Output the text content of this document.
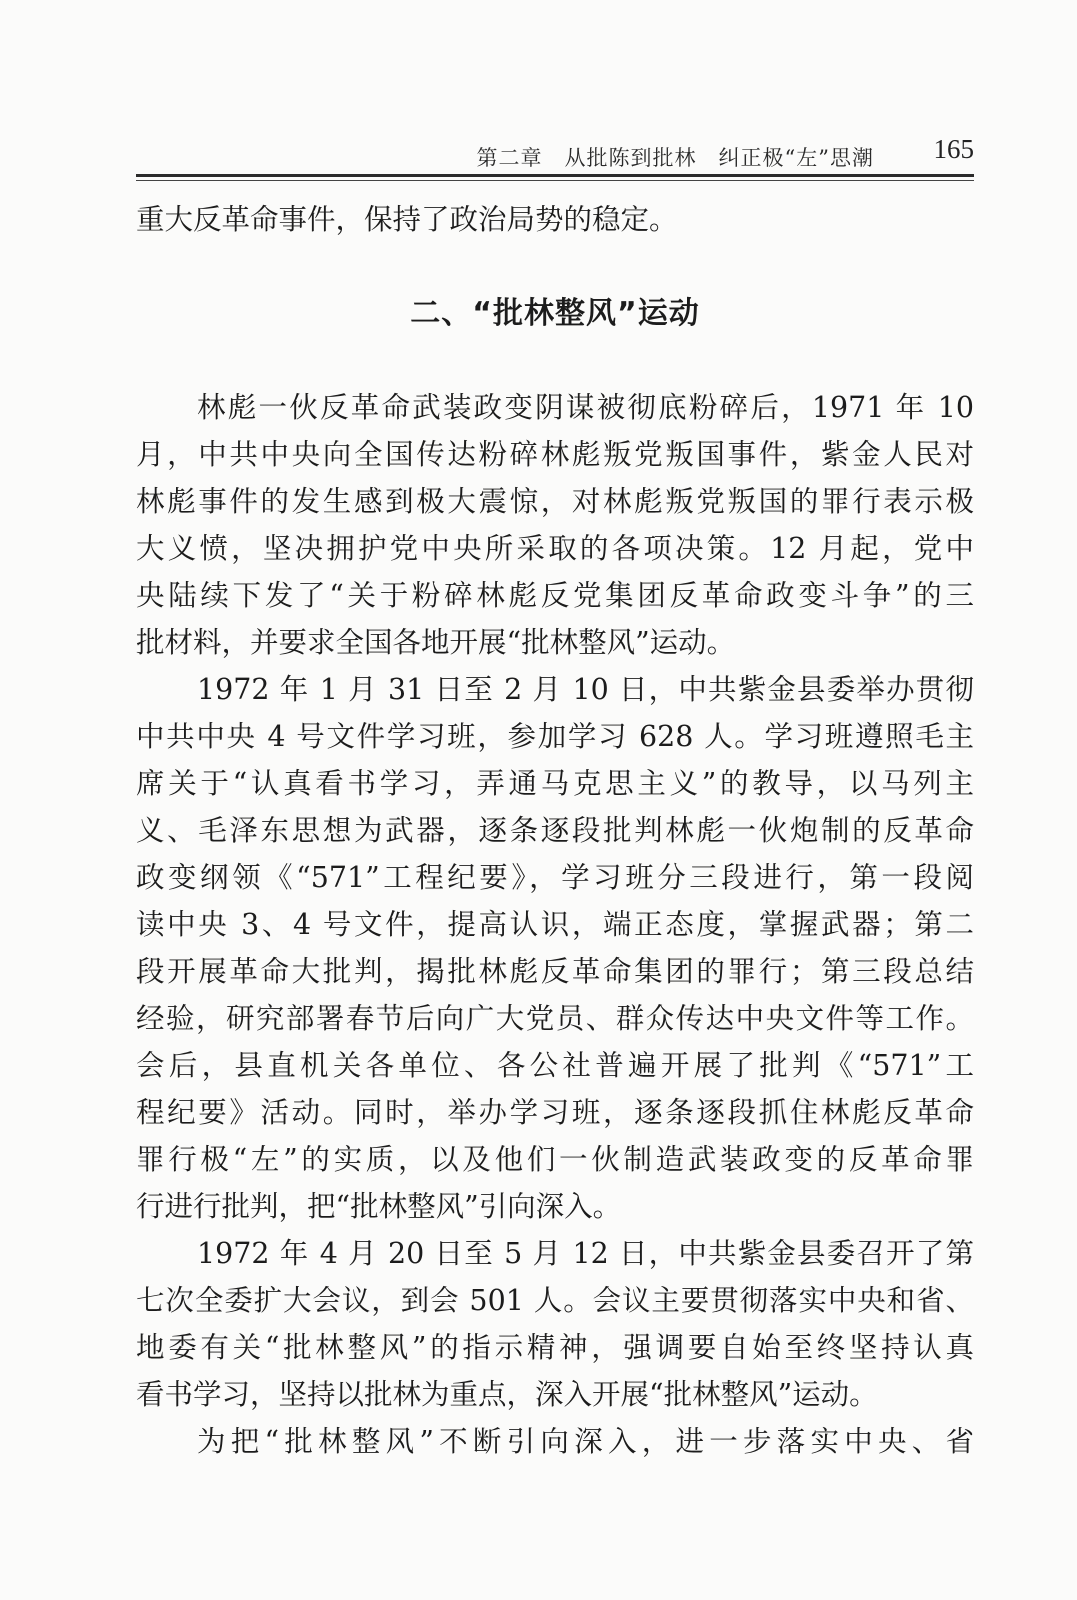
第二章 从批陈到批林 纠正极“左”思潮 165
重大反革命事件，保持了政治局势的稳定。
二、“批林整风”运动
林彪一伙反革命武装政变阴谋被彻底粉碎后，1971 年 10
月，中共中央向全国传达粉碎林彪叛党叛国事件，紫金人民对
林彪事件的发生感到极大震惊，对林彪叛党叛国的罪行表示极
大义愤，坚决拥护党中央所采取的各项决策。12 月起，党中
央陆续下发了“关于粉碎林彪反党集团反革命政变斗争”的三
批材料，并要求全国各地开展“批林整风”运动。
1972 年 1 月 31 日至 2 月 10 日，中共紫金县委举办贯彻
中共中央 4 号文件学习班，参加学习 628 人。学习班遵照毛主
席关于“认真看书学习，弄通马克思主义”的教导，以马列主
义、毛泽东思想为武器，逐条逐段批判林彪一伙炮制的反革命
政变纲领《“571”工程纪要》，学习班分三段进行，第一段阅
读中央 3、4 号文件，提高认识，端正态度，掌握武器；第二
段开展革命大批判，揭批林彪反革命集团的罪行；第三段总结
经验，研究部署春节后向广大党员、群众传达中央文件等工作。
会后，县直机关各单位、各公社普遍开展了批判《“571”工
程纪要》活动。同时，举办学习班，逐条逐段抓住林彪反革命
罪行极“左”的实质，以及他们一伙制造武装政变的反革命罪
行进行批判，把“批林整风”引向深入。
1972 年 4 月 20 日至 5 月 12 日，中共紫金县委召开了第
七次全委扩大会议，到会 501 人。会议主要贯彻落实中央和省、
地委有关“批林整风”的指示精神，强调要自始至终坚持认真
看书学习，坚持以批林为重点，深入开展“批林整风”运动。
为把“批林整风”不断引向深入，进一步落实中央、省
